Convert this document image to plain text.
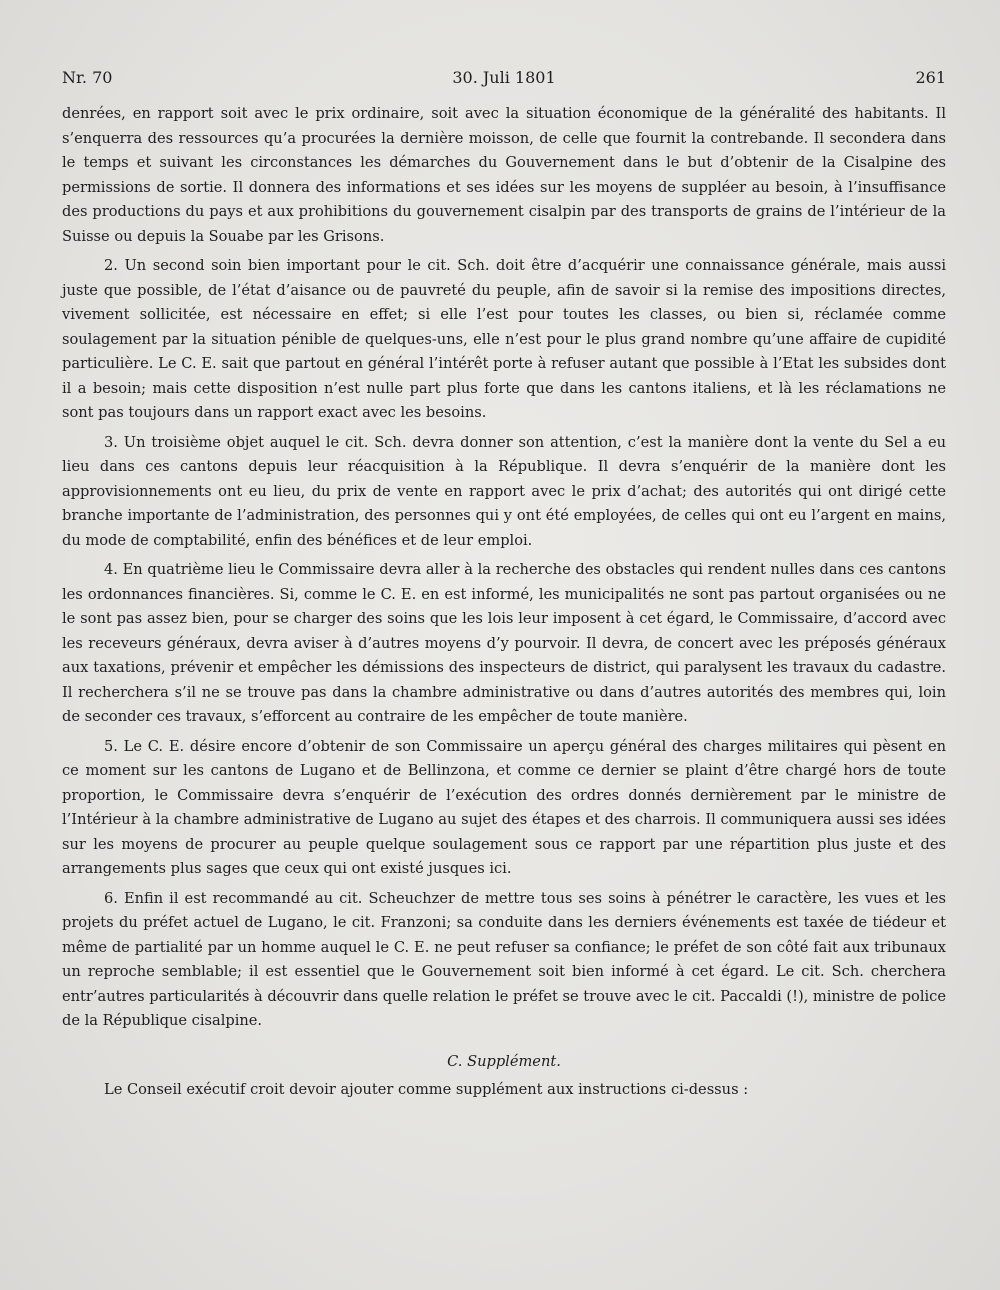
Nr. 70	30. Juli 1801	261

denrées, en rapport soit avec le prix ordinaire, soit avec la situation économique de la généralité des habitants. Il s’enquerra des ressources qu’a procurées la dernière moisson, de celle que fournit la contrebande. Il secondera dans le temps et suivant les circonstances les démarches du Gouvernement dans le but d’obtenir de la Cisalpine des permissions de sortie. Il donnera des informations et ses idées sur les moyens de suppléer au besoin, à l’insuffisance des productions du pays et aux prohibitions du gouvernement cisalpin par des transports de grains de l’intérieur de la Suisse ou depuis la Souabe par les Grisons.

2. Un second soin bien important pour le cit. Sch. doit être d’acquérir une connaissance générale, mais aussi juste que possible, de l’état d’aisance ou de pauvreté du peuple, afin de savoir si la remise des impositions directes, vivement sollicitée, est nécessaire en effet; si elle l’est pour toutes les classes, ou bien si, réclamée comme soulagement par la situation pénible de quelques-uns, elle n’est pour le plus grand nombre qu’une affaire de cupidité particulière. Le C. E. sait que partout en général l’intérêt porte à refuser autant que possible à l’Etat les subsides dont il a besoin; mais cette disposition n’est nulle part plus forte que dans les cantons italiens, et là les réclamations ne sont pas toujours dans un rapport exact avec les besoins.

3. Un troisième objet auquel le cit. Sch. devra donner son attention, c’est la manière dont la vente du Sel a eu lieu dans ces cantons depuis leur réacquisition à la République. Il devra s’enquérir de la manière dont les approvisionnements ont eu lieu, du prix de vente en rapport avec le prix d’achat; des autorités qui ont dirigé cette branche importante de l’administration, des personnes qui y ont été employées, de celles qui ont eu l’argent en mains, du mode de comptabilité, enfin des bénéfices et de leur emploi.

4. En quatrième lieu le Commissaire devra aller à la recherche des obstacles qui rendent nulles dans ces cantons les ordonnances financières. Si, comme le C. E. en est informé, les municipalités ne sont pas partout organisées ou ne le sont pas assez bien, pour se charger des soins que les lois leur imposent à cet égard, le Commissaire, d’accord avec les receveurs généraux, devra aviser à d’autres moyens d’y pourvoir. Il devra, de concert avec les préposés généraux aux taxations, prévenir et empêcher les démissions des inspecteurs de district, qui paralysent les travaux du cadastre. Il recherchera s’il ne se trouve pas dans la chambre administrative ou dans d’autres autorités des membres qui, loin de seconder ces travaux, s’efforcent au contraire de les empêcher de toute manière.

5. Le C. E. désire encore d’obtenir de son Commissaire un aperçu général des charges militaires qui pèsent en ce moment sur les cantons de Lugano et de Bellinzona, et comme ce dernier se plaint d’être chargé hors de toute proportion, le Commissaire devra s’enquérir de l’exécution des ordres donnés dernièrement par le ministre de l’Intérieur à la chambre administrative de Lugano au sujet des étapes et des charrois. Il communiquera aussi ses idées sur les moyens de procurer au peuple quelque soulagement sous ce rapport par une répartition plus juste et des arrangements plus sages que ceux qui ont existé jusques ici.

6. Enfin il est recommandé au cit. Scheuchzer de mettre tous ses soins à pénétrer le caractère, les vues et les projets du préfet actuel de Lugano, le cit. Franzoni; sa conduite dans les derniers événements est taxée de tiédeur et même de partialité par un homme auquel le C. E. ne peut refuser sa confiance; le préfet de son côté fait aux tribunaux un reproche semblable; il est essentiel que le Gouvernement soit bien informé à cet égard. Le cit. Sch. cherchera entr’autres particularités à découvrir dans quelle relation le préfet se trouve avec le cit. Paccaldi (!), ministre de police de la République cisalpine.

C. Supplément.

Le Conseil exécutif croit devoir ajouter comme supplément aux instructions ci-dessus :
